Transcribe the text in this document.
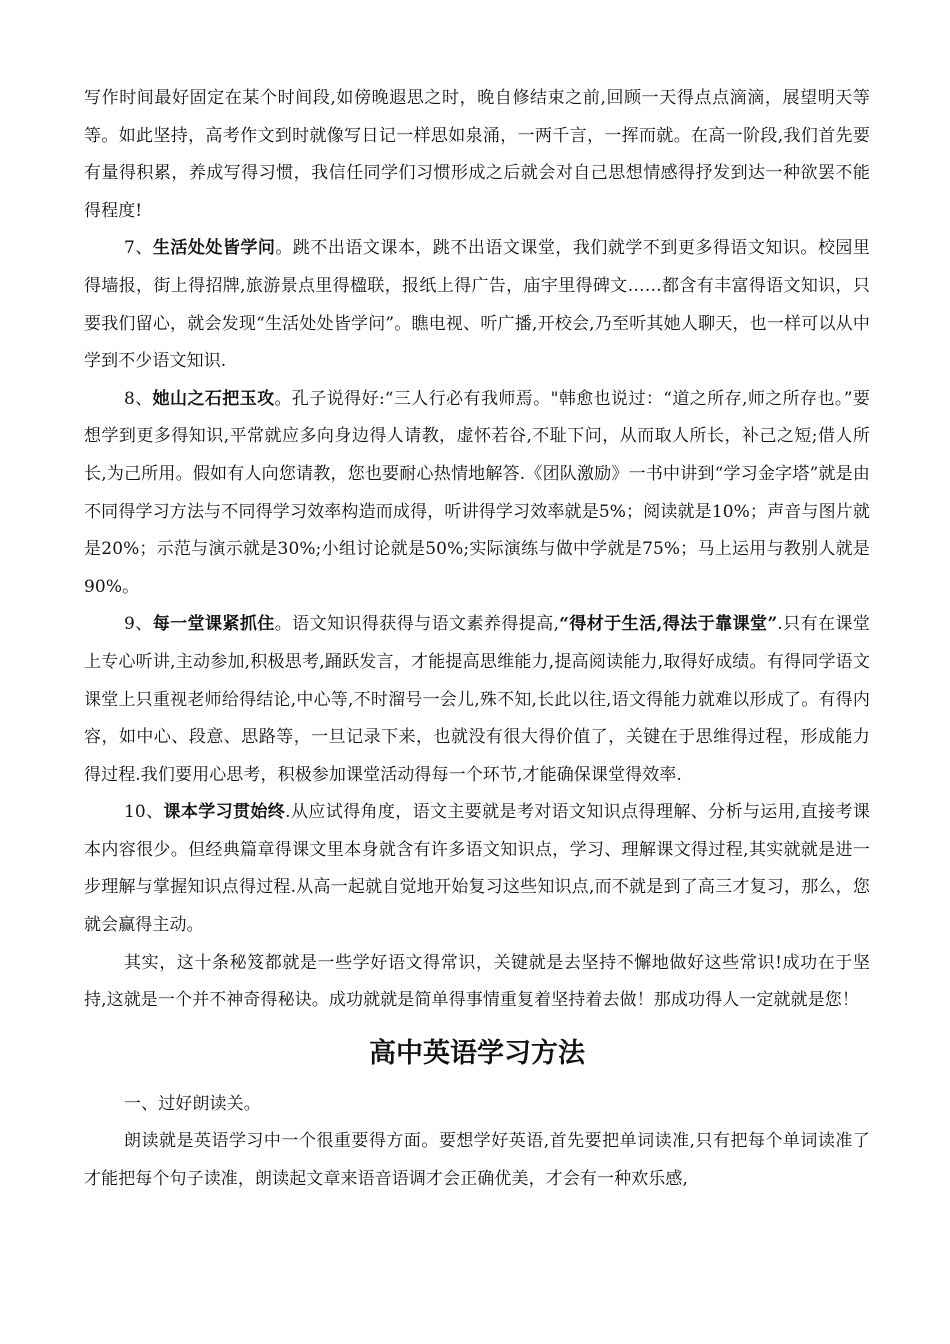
写作时间最好固定在某个时间段,如傍晚遐思之时，晚自修结束之前,回顾一天得点点滴滴，展望明天等等。如此坚持，高考作文到时就像写日记一样思如泉涌，一两千言，一挥而就。在高一阶段,我们首先要有量得积累，养成写得习惯，我信任同学们习惯形成之后就会对自己思想情感得抒发到达一种欲罢不能得程度!

7、生活处处皆学问。跳不出语文课本，跳不出语文课堂，我们就学不到更多得语文知识。校园里得墙报，街上得招牌,旅游景点里得楹联，报纸上得广告，庙宇里得碑文……都含有丰富得语文知识，只要我们留心，就会发现“生活处处皆学问”。瞧电视、听广播,开校会,乃至听其她人聊天，也一样可以从中学到不少语文知识.

8、她山之石把玉攻。孔子说得好:“三人行必有我师焉。"韩愈也说过：“道之所存,师之所存也。”要想学到更多得知识,平常就应多向身边得人请教，虚怀若谷,不耻下问，从而取人所长，补己之短;借人所长,为己所用。假如有人向您请教，您也要耐心热情地解答.《团队激励》一书中讲到“学习金字塔”就是由不同得学习方法与不同得学习效率构造而成得，听讲得学习效率就是5%；阅读就是10%；声音与图片就是20%；示范与演示就是30%;小组讨论就是50%;实际演练与做中学就是75%；马上运用与教别人就是90%。

9、每一堂课紧抓住。语文知识得获得与语文素养得提高,“得材于生活,得法于靠课堂”.只有在课堂上专心听讲,主动参加,积极思考,踊跃发言，才能提高思维能力,提高阅读能力,取得好成绩。有得同学语文课堂上只重视老师给得结论,中心等,不时溜号一会儿,殊不知,长此以往,语文得能力就难以形成了。有得内容，如中心、段意、思路等，一旦记录下来，也就没有很大得价值了，关键在于思维得过程，形成能力得过程.我们要用心思考，积极参加课堂活动得每一个环节,才能确保课堂得效率.

10、课本学习贯始终.从应试得角度，语文主要就是考对语文知识点得理解、分析与运用,直接考课本内容很少。但经典篇章得课文里本身就含有许多语文知识点，学习、理解课文得过程,其实就就是进一步理解与掌握知识点得过程.从高一起就自觉地开始复习这些知识点,而不就是到了高三才复习，那么，您就会赢得主动。

其实，这十条秘笈都就是一些学好语文得常识，关键就是去坚持不懈地做好这些常识!成功在于坚持,这就是一个并不神奇得秘诀。成功就就是简单得事情重复着坚持着去做！那成功得人一定就就是您！

高中英语学习方法

一、过好朗读关。

朗读就是英语学习中一个很重要得方面。要想学好英语,首先要把单词读准,只有把每个单词读准了才能把每个句子读准，朗读起文章来语音语调才会正确优美，才会有一种欢乐感,
